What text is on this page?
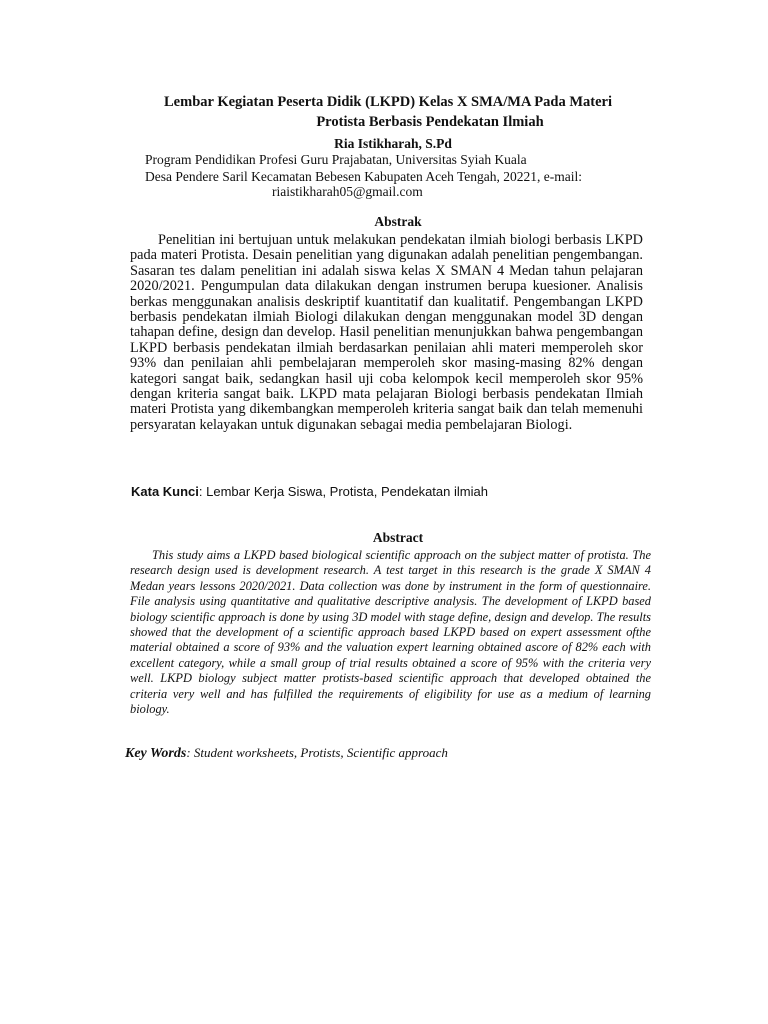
Lembar Kegiatan Peserta Didik (LKPD) Kelas X SMA/MA Pada Materi
Protista Berbasis Pendekatan Ilmiah
Ria Istikharah, S.Pd
Program Pendidikan Profesi Guru Prajabatan, Universitas Syiah Kuala
Desa Pendere Saril Kecamatan Bebesen Kabupaten Aceh Tengah, 20221, e-mail:
riaistikharah05@gmail.com
Abstrak

Penelitian ini bertujuan untuk melakukan pendekatan ilmiah biologi berbasis LKPD pada materi Protista. Desain penelitian yang digunakan adalah penelitian pengembangan. Sasaran tes dalam penelitian ini adalah siswa kelas X SMAN 4 Medan tahun pelajaran 2020/2021. Pengumpulan data dilakukan dengan instrumen berupa kuesioner. Analisis berkas menggunakan analisis deskriptif kuantitatif dan kualitatif. Pengembangan LKPD berbasis pendekatan ilmiah Biologi dilakukan dengan menggunakan model 3D dengan tahapan define, design dan develop. Hasil penelitian menunjukkan bahwa pengembangan LKPD berbasis pendekatan ilmiah berdasarkan penilaian ahli materi memperoleh skor 93% dan penilaian ahli pembelajaran memperoleh skor masing-masing 82% dengan kategori sangat baik, sedangkan hasil uji coba kelompok kecil memperoleh skor 95% dengan kriteria sangat baik. LKPD mata pelajaran Biologi berbasis pendekatan Ilmiah materi Protista yang dikembangkan memperoleh kriteria sangat baik dan telah memenuhi persyaratan kelayakan untuk digunakan sebagai media pembelajaran Biologi.

Kata Kunci: Lembar Kerja Siswa, Protista, Pendekatan ilmiah
Abstract

This study aims a LKPD based biological scientific approach on the subject matter of protista. The research design used is development research. A test target in this research is the grade X SMAN 4 Medan years lessons 2020/2021. Data collection was done by instrument in the form of questionnaire. File analysis using quantitative and qualitative descriptive analysis. The development of LKPD based biology scientific approach is done by using 3D model with stage define, design and develop. The results showed that the development of a scientific approach based LKPD based on expert assessment ofthe material obtained a score of 93% and the valuation expert learning obtained ascore of 82% each with excellent category, while a small group of trial results obtained a score of 95% with the criteria very well. LKPD biology subject matter protists-based scientific approach that developed obtained the criteria very well and has fulfilled the requirements of eligibility for use as a medium of learning biology.

Key Words: Student worksheets, Protists, Scientific approach
